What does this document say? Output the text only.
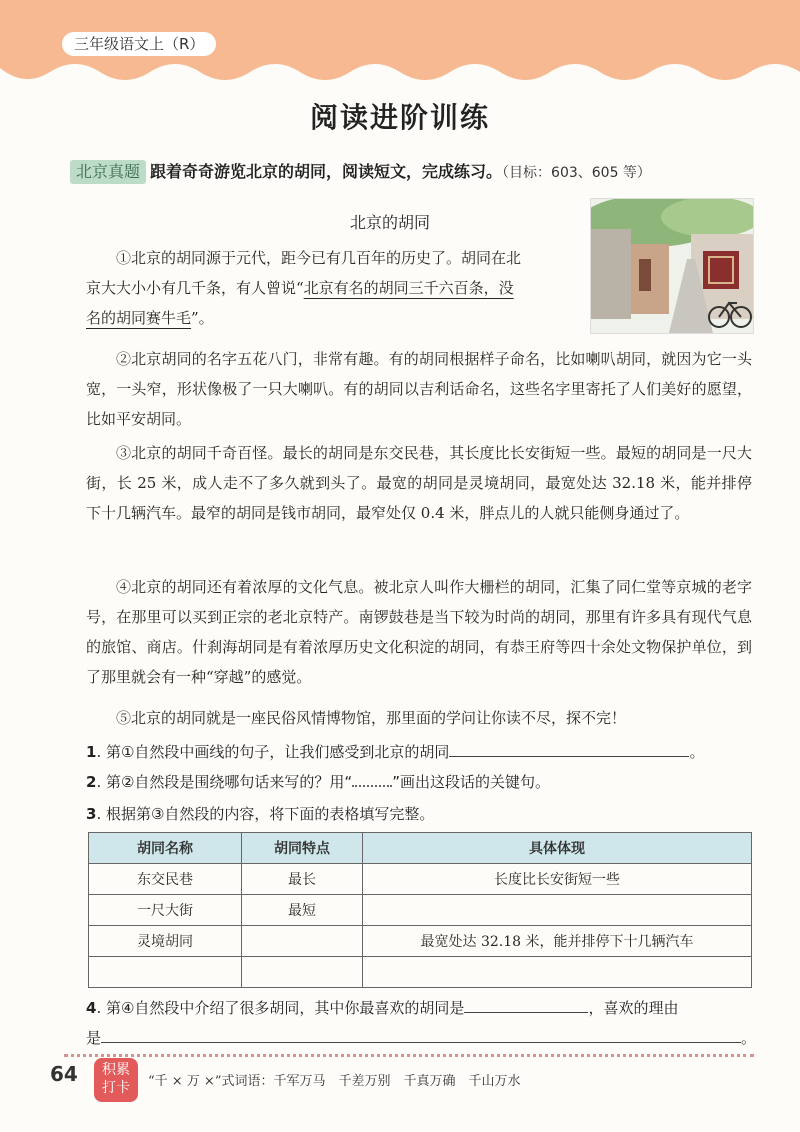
三年级语文上（R）
阅读进阶训练
北京真题 跟着奇奇游览北京的胡同，阅读短文，完成练习。（目标：603、605 等）
北京的胡同

①北京的胡同源于元代，距今已有几百年的历史了。胡同在北

京大大小小有几千条，有人曾说“北京有名的胡同三千六百条，没

名的胡同赛牛毛”。

②北京胡同的名字五花八门，非常有趣。有的胡同根据样子命名，比如喇叭胡同，就因为它一头宽，一头窄，形状像极了一只大喇叭。有的胡同以吉利话命名，这些名字里寄托了人们美好的愿望，比如平安胡同。

③北京的胡同千奇百怪。最长的胡同是东交民巷，其长度比长安街短一些。最短的胡同是一尺大街，长 25 米，成人走不了多久就到头了。最宽的胡同是灵境胡同，最宽处达 32.18 米，能并排停下十几辆汽车。最窄的胡同是钱市胡同，最窄处仅 0.4 米，胖点儿的人就只能侧身通过了。

④北京的胡同还有着浓厚的文化气息。被北京人叫作大栅栏的胡同，汇集了同仁堂等京城的老字号，在那里可以买到正宗的老北京特产。南锣鼓巷是当下较为时尚的胡同，那里有许多具有现代气息的旅馆、商店。什刹海胡同是有着浓厚历史文化积淀的胡同，有恭王府等四十余处文物保护单位，到了那里就会有一种“穿越”的感觉。

⑤北京的胡同就是一座民俗风情博物馆，那里面的学问让你读不尽，探不完！

1. 第①自然段中画线的句子，让我们感受到北京的胡同	。
2. 第②自然段是围绕哪句话来写的？用“	”画出这段话的关键句。
3. 根据第③自然段的内容，将下面的表格填写完整。
胡同名称	胡同特点	具体体现
东交民巷	最长	长度比长安街短一些
一尺大街	最短	
灵境胡同		最宽处达 32.18 米，能并排停下十几辆汽车

4. 第④自然段中介绍了很多胡同，其中你最喜欢的胡同是	，喜欢的理由
是	。
64	积累
打卡	“千 × 万 ×”式词语：千军万马　千差万别　千真万确　千山万水
